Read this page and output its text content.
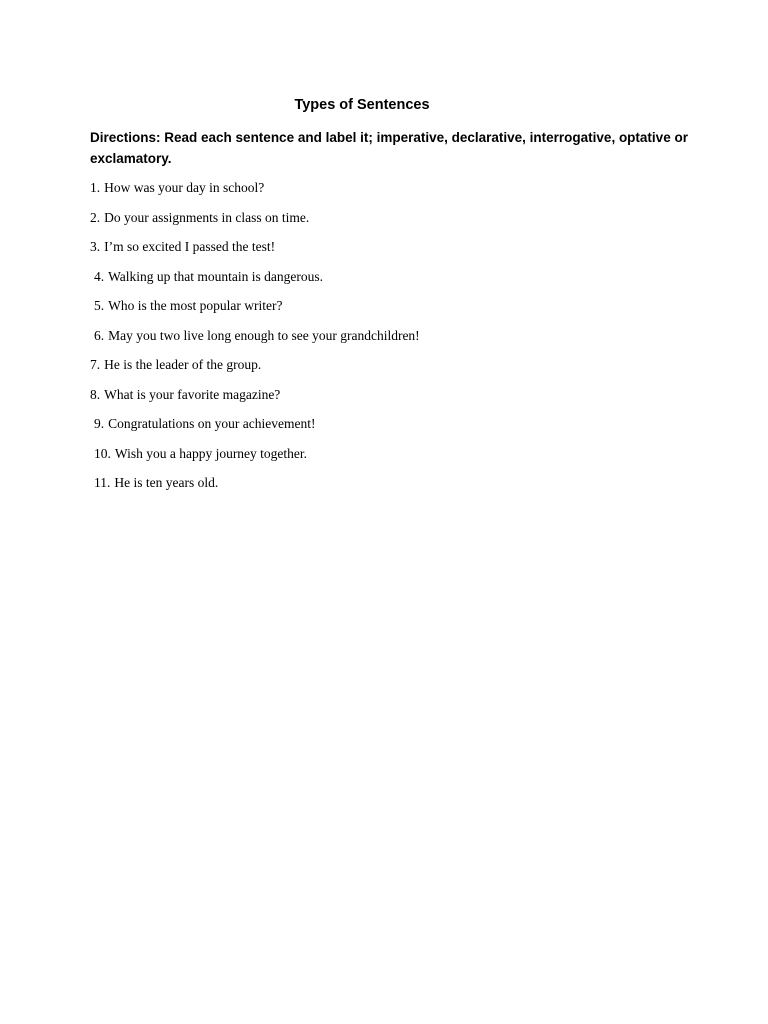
Types of Sentences
Directions: Read each sentence and label it; imperative, declarative, interrogative, optative or exclamatory.
1. How was your day in school?
2. Do your assignments in class on time.
3. I’m so excited I passed the test!
4. Walking up that mountain is dangerous.
5. Who is the most popular writer?
6. May you two live long enough to see your grandchildren!
7. He is the leader of the group.
8. What is your favorite magazine?
9. Congratulations on your achievement!
10. Wish you a happy journey together.
11. He is ten years old.
